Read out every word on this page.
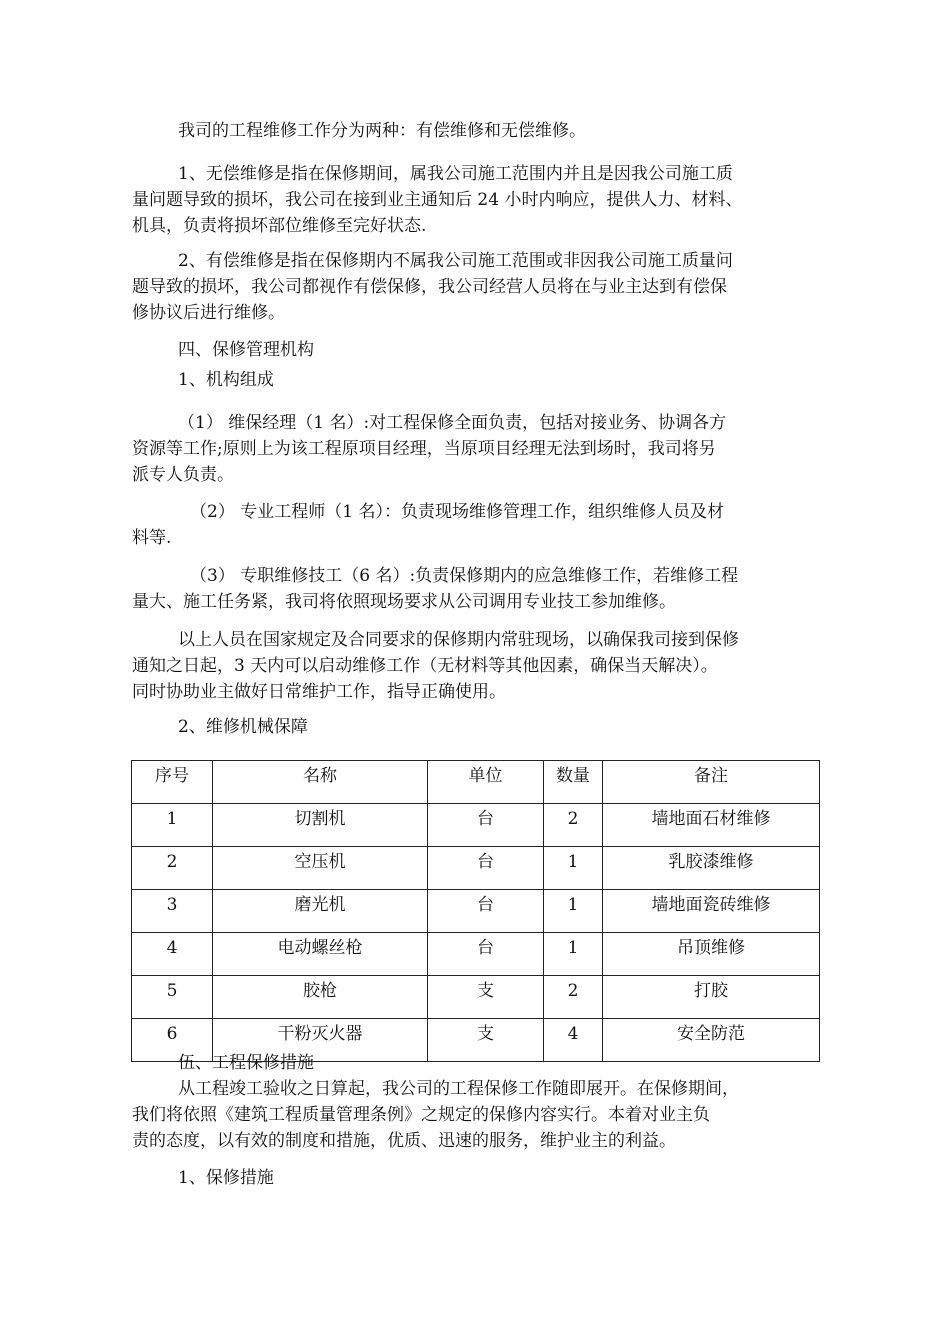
我司的工程维修工作分为两种：有偿维修和无偿维修。
1、无偿维修是指在保修期间，属我公司施工范围内并且是因我公司施工质
量问题导致的损坏，我公司在接到业主通知后 24 小时内响应，提供人力、材料、
机具，负责将损坏部位维修至完好状态.
2、有偿维修是指在保修期内不属我公司施工范围或非因我公司施工质量问
题导致的损坏，我公司都视作有偿保修，我公司经营人员将在与业主达到有偿保
修协议后进行维修。
四、保修管理机构
1、机构组成
（1） 维保经理（1 名）:对工程保修全面负责，包括对接业务、协调各方
资源等工作;原则上为该工程原项目经理，当原项目经理无法到场时，我司将另
派专人负责。
（2） 专业工程师（1 名）：负责现场维修管理工作，组织维修人员及材
料等.
（3） 专职维修技工（6 名）:负责保修期内的应急维修工作，若维修工程
量大、施工任务紧，我司将依照现场要求从公司调用专业技工参加维修。
以上人员在国家规定及合同要求的保修期内常驻现场，以确保我司接到保修
通知之日起，3 天内可以启动维修工作（无材料等其他因素，确保当天解决）。
同时协助业主做好日常维护工作，指导正确使用。
2、维修机械保障
序号	名称	单位	数量	备注
1	切割机	台	2	墙地面石材维修
2	空压机	台	1	乳胶漆维修
3	磨光机	台	1	墙地面瓷砖维修
4	电动螺丝枪	台	1	吊顶维修
5	胶枪	支	2	打胶
6	干粉灭火器	支	4	安全防范
伍、工程保修措施
从工程竣工验收之日算起，我公司的工程保修工作随即展开。在保修期间，
我们将依照《建筑工程质量管理条例》之规定的保修内容实行。本着对业主负
责的态度，以有效的制度和措施，优质、迅速的服务，维护业主的利益。
1、保修措施
